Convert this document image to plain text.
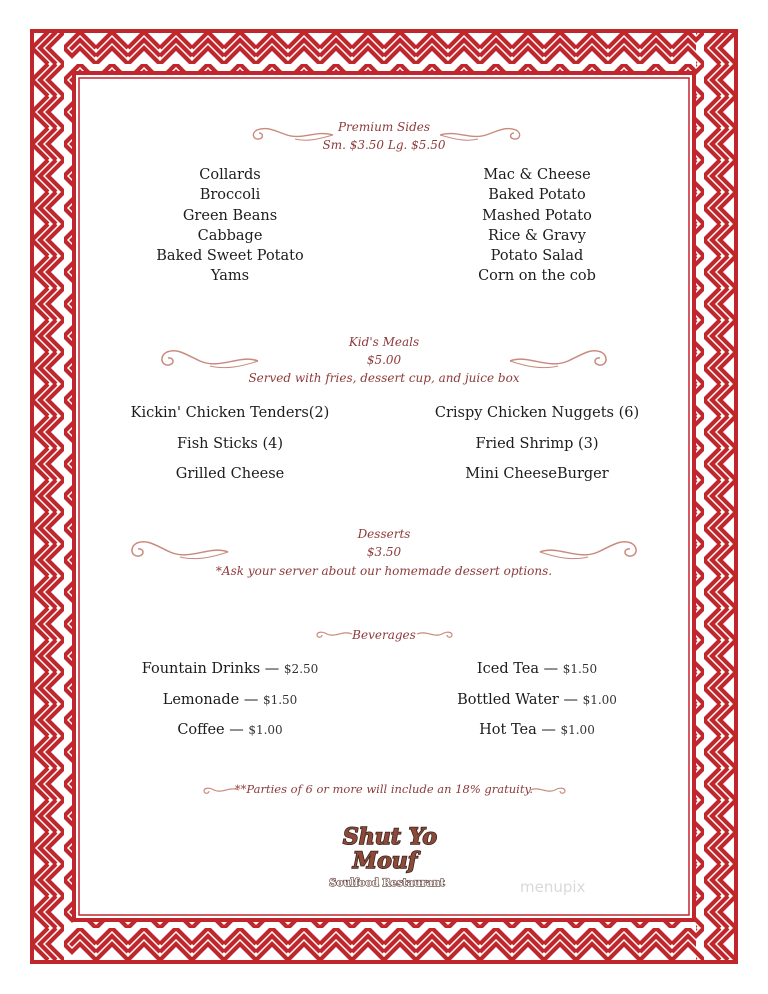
Premium Sides
Sm. $3.50 Lg. $5.50
Collards
Broccoli
Green Beans
Cabbage
Baked Sweet Potato
Yams
Mac & Cheese
Baked Potato
Mashed Potato
Rice & Gravy
Potato Salad
Corn on the cob
Kid's Meals
$5.00
Served with fries, dessert cup, and juice box
Kickin' Chicken Tenders(2)
Fish Sticks (4)
Grilled Cheese
Crispy Chicken Nuggets (6)
Fried Shrimp (3)
Mini CheeseBurger
Desserts
$3.50
*Ask your server about our homemade dessert options.
Beverages
Fountain Drinks — $2.50
Lemonade — $1.50
Coffee — $1.00
Iced Tea — $1.50
Bottled Water — $1.00
Hot Tea — $1.00
**Parties of 6 or more will include an 18% gratuity.
Shut Yo
Mouf
Soulfood Restaurant	menupix
